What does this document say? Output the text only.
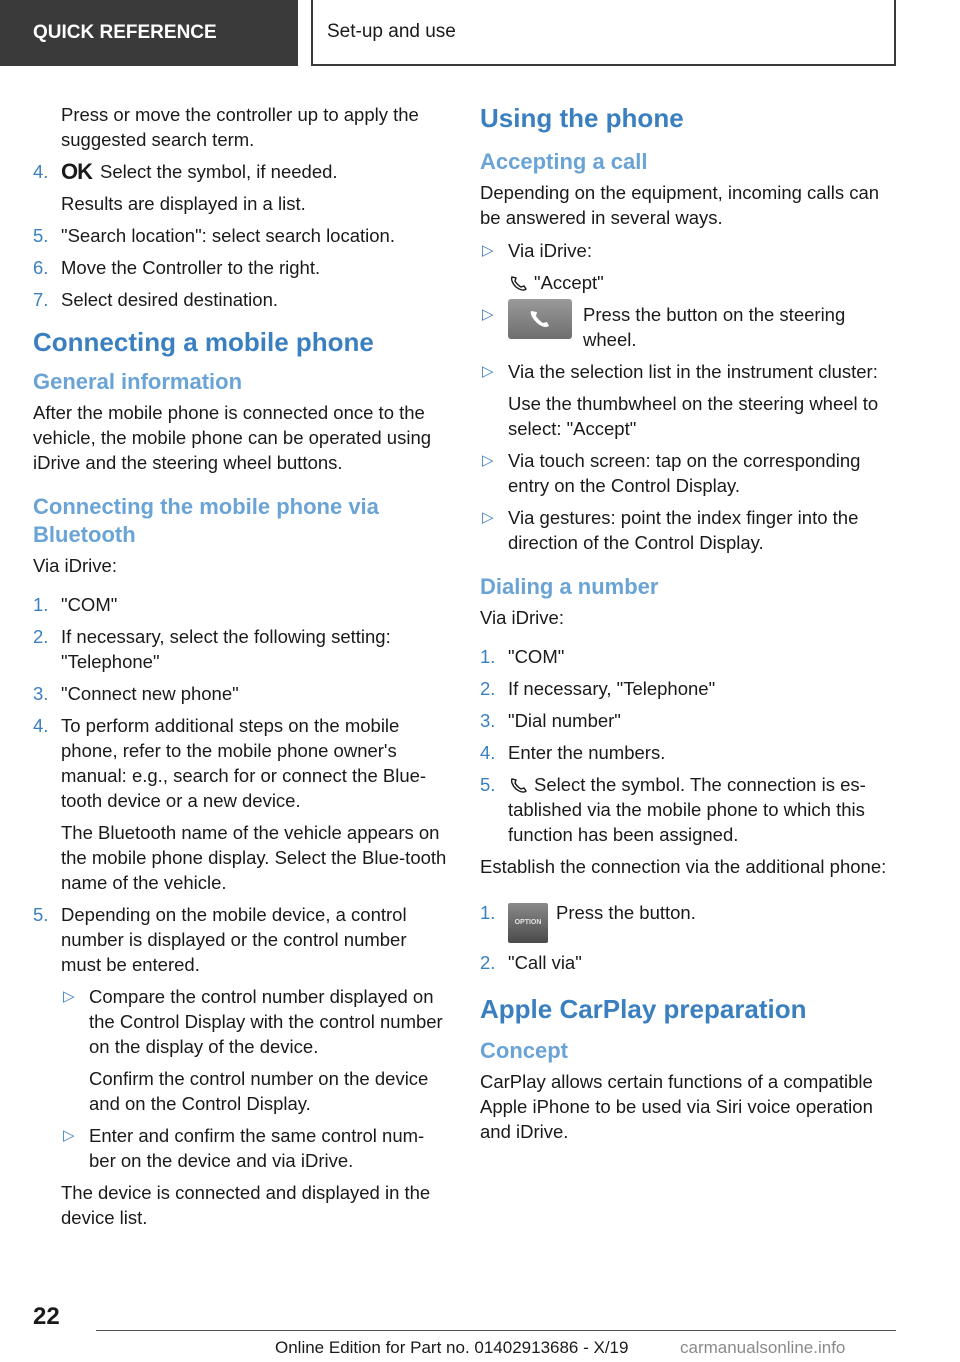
QUICK REFERENCE	Set-up and use

Press or move the controller up to apply the suggested search term.

4. OK Select the symbol, if needed.
Results are displayed in a list.
5. "Search location": select search location.
6. Move the Controller to the right.
7. Select desired destination.
Connecting a mobile phone
General information

After the mobile phone is connected once to the vehicle, the mobile phone can be operated using iDrive and the steering wheel buttons.

Connecting the mobile phone via Bluetooth

Via iDrive:

1. "COM"
2. If necessary, select the following setting: "Telephone"
3. "Connect new phone"
4. To perform additional steps on the mobile phone, refer to the mobile phone owner's manual: e.g., search for or connect the Blue-tooth device or a new device.
The Bluetooth name of the vehicle appears on the mobile phone display. Select the Blue-tooth name of the vehicle.
5. Depending on the mobile device, a control number is displayed or the control number must be entered.
▷ Compare the control number displayed on the Control Display with the control number on the display of the device.
Confirm the control number on the device and on the Control Display.
▷ Enter and confirm the same control num-ber on the device and via iDrive.
The device is connected and displayed in the device list.
Using the phone
Accepting a call

Depending on the equipment, incoming calls can be answered in several ways.

▷ Via iDrive:
"Accept"
▷	Press the button on the steering wheel.
▷ Via the selection list in the instrument cluster:
Use the thumbwheel on the steering wheel to select: "Accept"
▷ Via touch screen: tap on the corresponding entry on the Control Display.
▷ Via gestures: point the index finger into the direction of the Control Display.
Dialing a number

Via iDrive:

1. "COM"
2. If necessary, "Telephone"
3. "Dial number"
4. Enter the numbers.
5. Select the symbol. The connection is es-tablished via the mobile phone to which this function has been assigned.

Establish the connection via the additional phone:

1.	OPTION Press the button.
2. "Call via"
Apple CarPlay preparation
Concept

CarPlay allows certain functions of a compatible Apple iPhone to be used via Siri voice operation and iDrive.

22
Online Edition for Part no. 01402913686 - X/19	carmanualsonline.info
